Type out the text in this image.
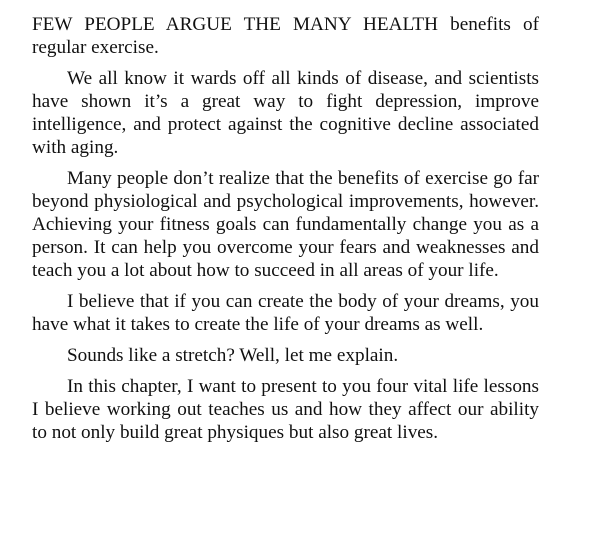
FEW PEOPLE ARGUE THE MANY HEALTH benefits of regular exercise.

We all know it wards off all kinds of disease, and scientists have shown it’s a great way to fight depression, improve intelligence, and protect against the cognitive decline associated with aging.

Many people don’t realize that the benefits of exercise go far beyond physiological and psychological improvements, however. Achieving your fitness goals can fundamentally change you as a person. It can help you overcome your fears and weaknesses and teach you a lot about how to succeed in all areas of your life.

I believe that if you can create the body of your dreams, you have what it takes to create the life of your dreams as well.

Sounds like a stretch? Well, let me explain.

In this chapter, I want to present to you four vital life lessons I believe working out teaches us and how they affect our ability to not only build great physiques but also great lives.
